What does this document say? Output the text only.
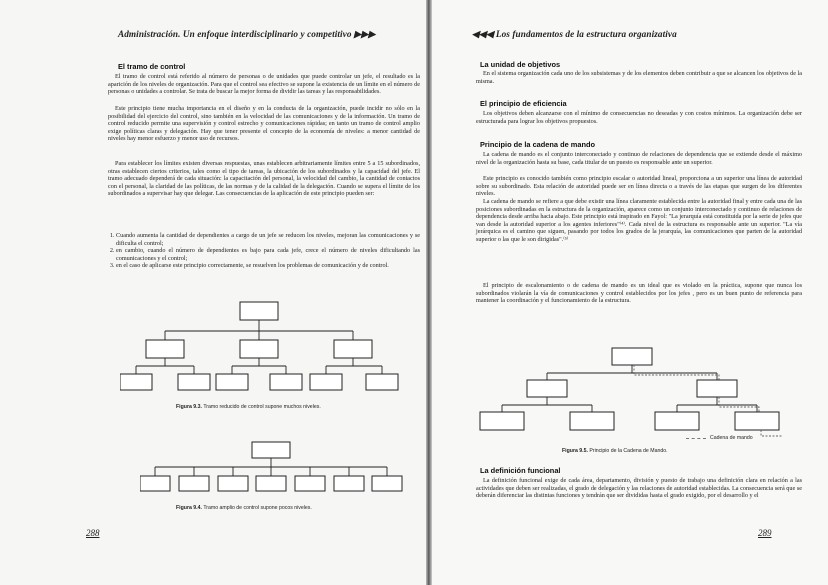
Administración. Un enfoque interdisciplinario y competitivo ▶▶▶
El tramo de control

El tramo de control está referido al número de personas o de unidades que puede controlar un jefe, el resultado es la aparición de los niveles de organización. Para que el control sea efectivo se supone la existencia de un límite en el número de personas o unidades a controlar. Se trata de buscar la mejor forma de dividir las tareas y las responsabilidades.

Este principio tiene mucha importancia en el diseño y en la conducta de la organización, puede incidir no sólo en la posibilidad del ejercicio del control, sino también en la velocidad de las comunicaciones y de la información. Un tramo de control reducido permite una supervisión y control estrecho y comunicaciones rápidas; en tanto un tramo de control amplio exige políticas claras y delegación. Hay que tener presente el concepto de la economía de niveles: a menor cantidad de niveles hay menor esfuerzo y menor uso de recursos.

Para establecer los límites existen diversas respuestas, unas establecen arbitrariamente límites entre 5 a 15 subordinados, otras establecen ciertos criterios, tales como el tipo de tareas, la ubicación de los subordinados y la capacidad del jefe. El tramo adecuado dependerá de cada situación: la capacitación del personal, la velocidad del cambio, la cantidad de contactos con el personal, la claridad de las políticas, de las normas y de la calidad de la delegación. Cuando se supera el límite de los subordinados a supervisar hay que delegar. Las consecuencias de la aplicación de este principio pueden ser:

1. Cuando aumenta la cantidad de dependientes a cargo de un jefe se reducen los niveles, mejoran las comunicaciones y se dificulta el control;
2. en cambio, cuando el número de dependientes es bajo para cada jefe, crece el número de niveles dificultando las comunicaciones y el control;
3. en el caso de aplicarse este principio correctamente, se resuelven los problemas de comunicación y de control.
Figura 9.3. Tramo reducido de control supone muchos niveles.
Figura 9.4. Tramo amplio de control supone pocos niveles.
288
◀◀◀ Los fundamentos de la estructura organizativa
La unidad de objetivos

En el sistema organización cada uno de los subsistemas y de los elementos deben contribuir a que se alcancen los objetivos de la misma.

El principio de eficiencia

Los objetivos deben alcanzarse con el mínimo de consecuencias no deseadas y con costos mínimos. La organización debe ser estructurada para lograr los objetivos propuestos.

Principio de la cadena de mando

La cadena de mando es el conjunto interconectado y continuo de relaciones de dependencia que se extiende desde el máximo nivel de la organización hasta su base, cada titular de un puesto es responsable ante un superior.

Este principio es conocido también como principio escalar o autoridad lineal, proporciona a un superior una línea de autoridad sobre su subordinado. Esta relación de autoridad puede ser en línea directa o a través de las etapas que surgen de los diferentes niveles.

La cadena de mando se refiere a que debe existir una línea claramente establecida entre la autoridad final y entre cada una de las posiciones subordinadas en la estructura de la organización, aparece como un conjunto interconectado y continuo de relaciones de dependencia desde arriba hacia abajo. Este principio está inspirado en Fayol: "La jerarquía está constituida por la serie de jefes que van desde la autoridad superior a los agentes inferiores"⁽⁴⁾. Cada nivel de la estructura es responsable ante un superior. "La vía jerárquica es el camino que siguen, pasando por todos los grados de la jerarquía, las comunicaciones que parten de la autoridad superior o las que le son dirigidas".⁽⁵⁾

El principio de escalonamiento o de cadena de mando es un ideal que es violado en la práctica, supone que nunca los subordinados violarán la vía de comunicaciones y control establecidos por los jefes , pero es un buen punto de referencia para mantener la coordinación y el funcionamiento de la estructura.

Cadena de mando
Figura 9.5. Principio de la Cadena de Mando.
La definición funcional

La definición funcional exige de cada área, departamento, división y puesto de trabajo una definición clara en relación a las actividades que deben ser realizadas, el grado de delegación y las relaciones de autoridad establecidas. La consecuencia será que se deberán diferenciar las distintas funciones y tendrán que ser divididas hasta el grado exigido, por el desarrollo y el

289
